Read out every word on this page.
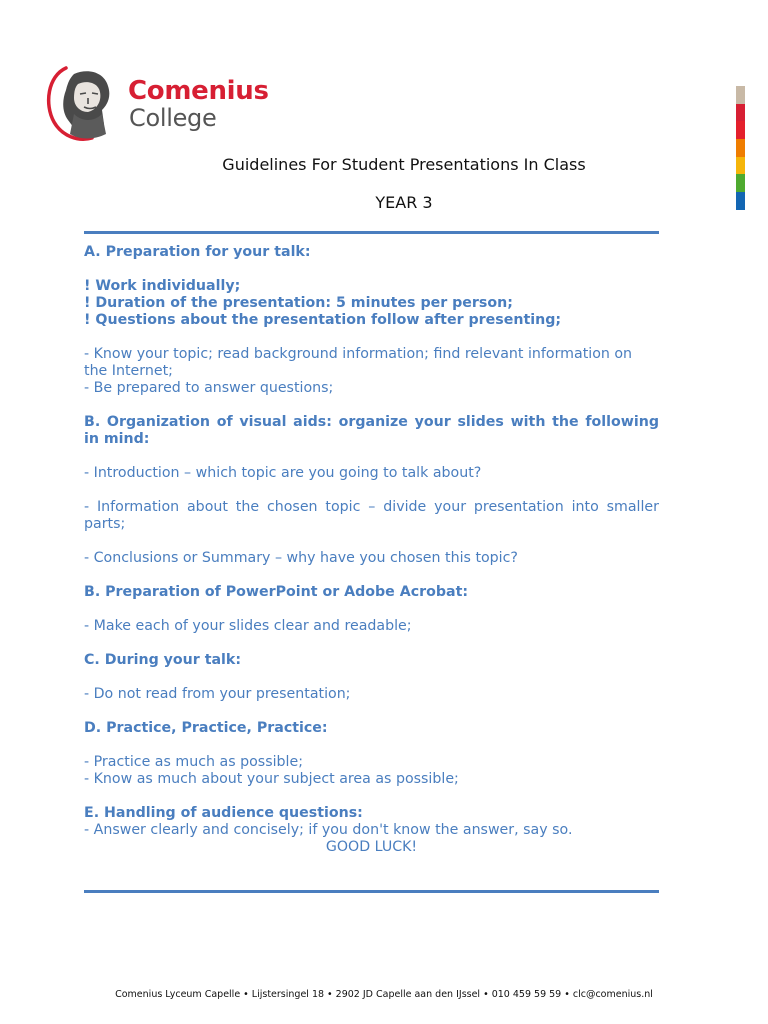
Comenius
College
Guidelines For Student Presentations In Class
YEAR 3

A. Preparation for your talk:

! Work individually;

! Duration of the presentation: 5 minutes per person;

! Questions about the presentation follow after presenting;

- Know your topic; read background information; find relevant information on the Internet;

- Be prepared to answer questions;

B. Organization of visual aids: organize your slides with the following in mind:

- Introduction – which topic are you going to talk about?

- Information about the chosen topic – divide your presentation into smaller parts;

- Conclusions or Summary – why have you chosen this topic?

B. Preparation of PowerPoint or Adobe Acrobat:

- Make each of your slides clear and readable;

C. During your talk:

- Do not read from your presentation;

D. Practice, Practice, Practice:

- Practice as much as possible;

- Know as much about your subject area as possible;

E. Handling of audience questions:

- Answer clearly and concisely; if you don't know the answer, say so.

GOOD LUCK!

Comenius Lyceum Capelle • Lijstersingel 18 • 2902 JD Capelle aan den IJssel • 010 459 59 59 • clc@comenius.nl
